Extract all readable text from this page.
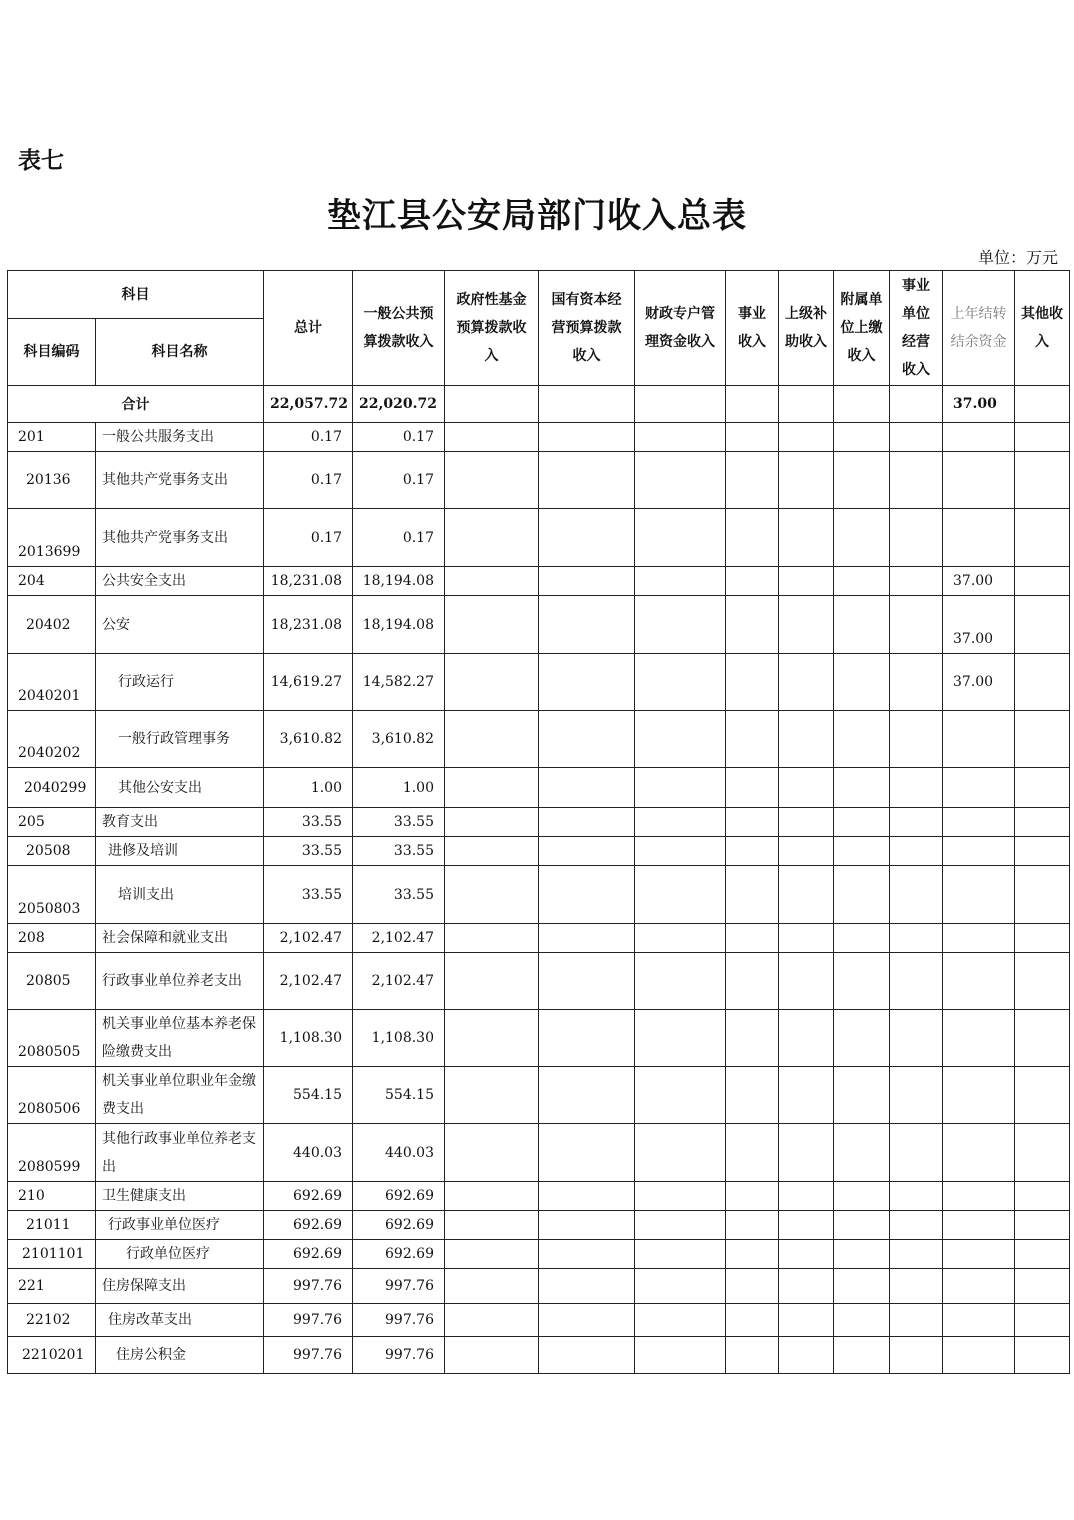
表七
垫江县公安局部门收入总表
单位：万元
科目		总计	一般公共预算拨款收入	政府性基金预算拨款收入	国有资本经营预算拨款收入	财政专户管理资金收入	事业收入	上级补助收入	附属单位上缴收入	事业单位经营收入	上年结转结余资金	其他收入
科目编码	科目名称											
合计		22,057.72	22,020.72								37.00	
201	一般公共服务支出	0.17	0.17									
20136	其他共产党事务支出	0.17	0.17									
2013699	其他共产党事务支出	0.17	0.17									
204	公共安全支出	18,231.08	18,194.08								37.00	
20402	公安	18,231.08	18,194.08								37.00	
2040201	行政运行	14,619.27	14,582.27								37.00	
2040202	一般行政管理事务	3,610.82	3,610.82									
2040299	其他公安支出	1.00	1.00									
205	教育支出	33.55	33.55									
20508	进修及培训	33.55	33.55									
2050803	培训支出	33.55	33.55									
208	社会保障和就业支出	2,102.47	2,102.47									
20805	行政事业单位养老支出	2,102.47	2,102.47									
2080505	机关事业单位基本养老保险缴费支出	1,108.30	1,108.30									
2080506	机关事业单位职业年金缴费支出	554.15	554.15									
2080599	其他行政事业单位养老支出	440.03	440.03									
210	卫生健康支出	692.69	692.69									
21011	行政事业单位医疗	692.69	692.69									
2101101	行政单位医疗	692.69	692.69									
221	住房保障支出	997.76	997.76									
22102	住房改革支出	997.76	997.76									
2210201	住房公积金	997.76	997.76									
